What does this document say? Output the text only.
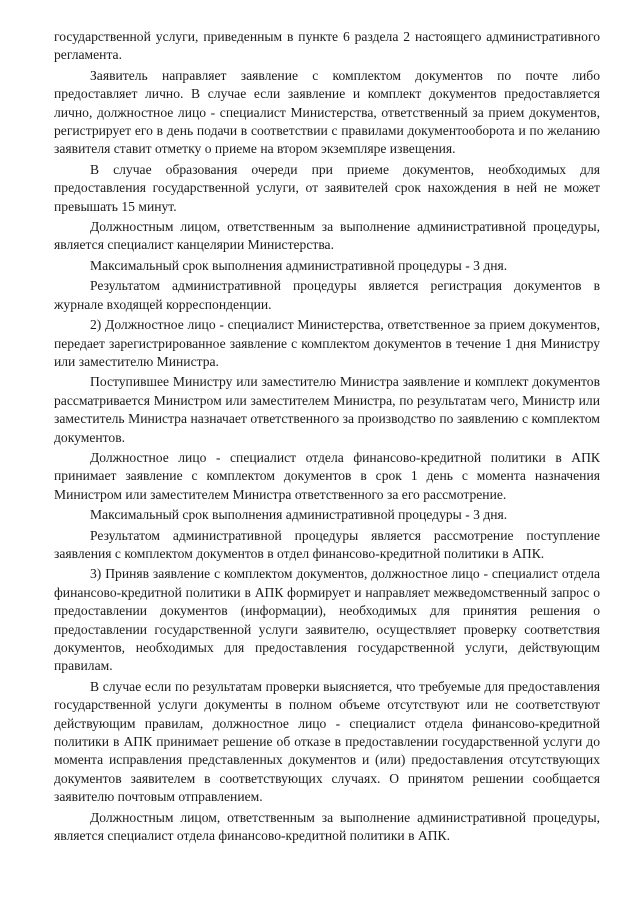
государственной услуги, приведенным в пункте 6 раздела 2 настоящего административного регламента.

Заявитель направляет заявление с комплектом документов по почте либо предоставляет лично. В случае если заявление и комплект документов предоставляется лично, должностное лицо - специалист Министерства, ответственный за прием документов, регистрирует его в день подачи в соответствии с правилами документооборота и по желанию заявителя ставит отметку о приеме на втором экземпляре извещения.

В случае образования очереди при приеме документов, необходимых для предоставления государственной услуги, от заявителей срок нахождения в ней не может превышать 15 минут.

Должностным лицом, ответственным за выполнение административной процедуры, является специалист канцелярии Министерства.

Максимальный срок выполнения административной процедуры - 3 дня.

Результатом административной процедуры является регистрация документов в журнале входящей корреспонденции.

2) Должностное лицо - специалист Министерства, ответственное за прием документов, передает зарегистрированное заявление с комплектом документов в течение 1 дня Министру или заместителю Министра.

Поступившее Министру или заместителю Министра заявление и комплект документов рассматривается Министром или заместителем Министра, по результатам чего, Министр или заместитель Министра назначает ответственного за производство по заявлению с комплектом документов.

Должностное лицо - специалист отдела финансово-кредитной политики в АПК принимает заявление с комплектом документов в срок 1 день с момента назначения Министром или заместителем Министра ответственного за его рассмотрение.

Максимальный срок выполнения административной процедуры - 3 дня.

Результатом административной процедуры является рассмотрение поступление заявления с комплектом документов в отдел финансово-кредитной политики в АПК.

3) Приняв заявление с комплектом документов, должностное лицо - специалист отдела финансово-кредитной политики в АПК формирует и направляет межведомственный запрос о предоставлении документов (информации), необходимых для принятия решения о предоставлении государственной услуги заявителю, осуществляет проверку соответствия документов, необходимых для предоставления государственной услуги, действующим правилам.

В случае если по результатам проверки выясняется, что требуемые для предоставления государственной услуги документы в полном объеме отсутствуют или не соответствуют действующим правилам, должностное лицо - специалист отдела финансово-кредитной политики в АПК принимает решение об отказе в предоставлении государственной услуги до момента исправления представленных документов и (или) предоставления отсутствующих документов заявителем в соответствующих случаях. О принятом решении сообщается заявителю почтовым отправлением.

Должностным лицом, ответственным за выполнение административной процедуры, является специалист отдела финансово-кредитной политики в АПК.
